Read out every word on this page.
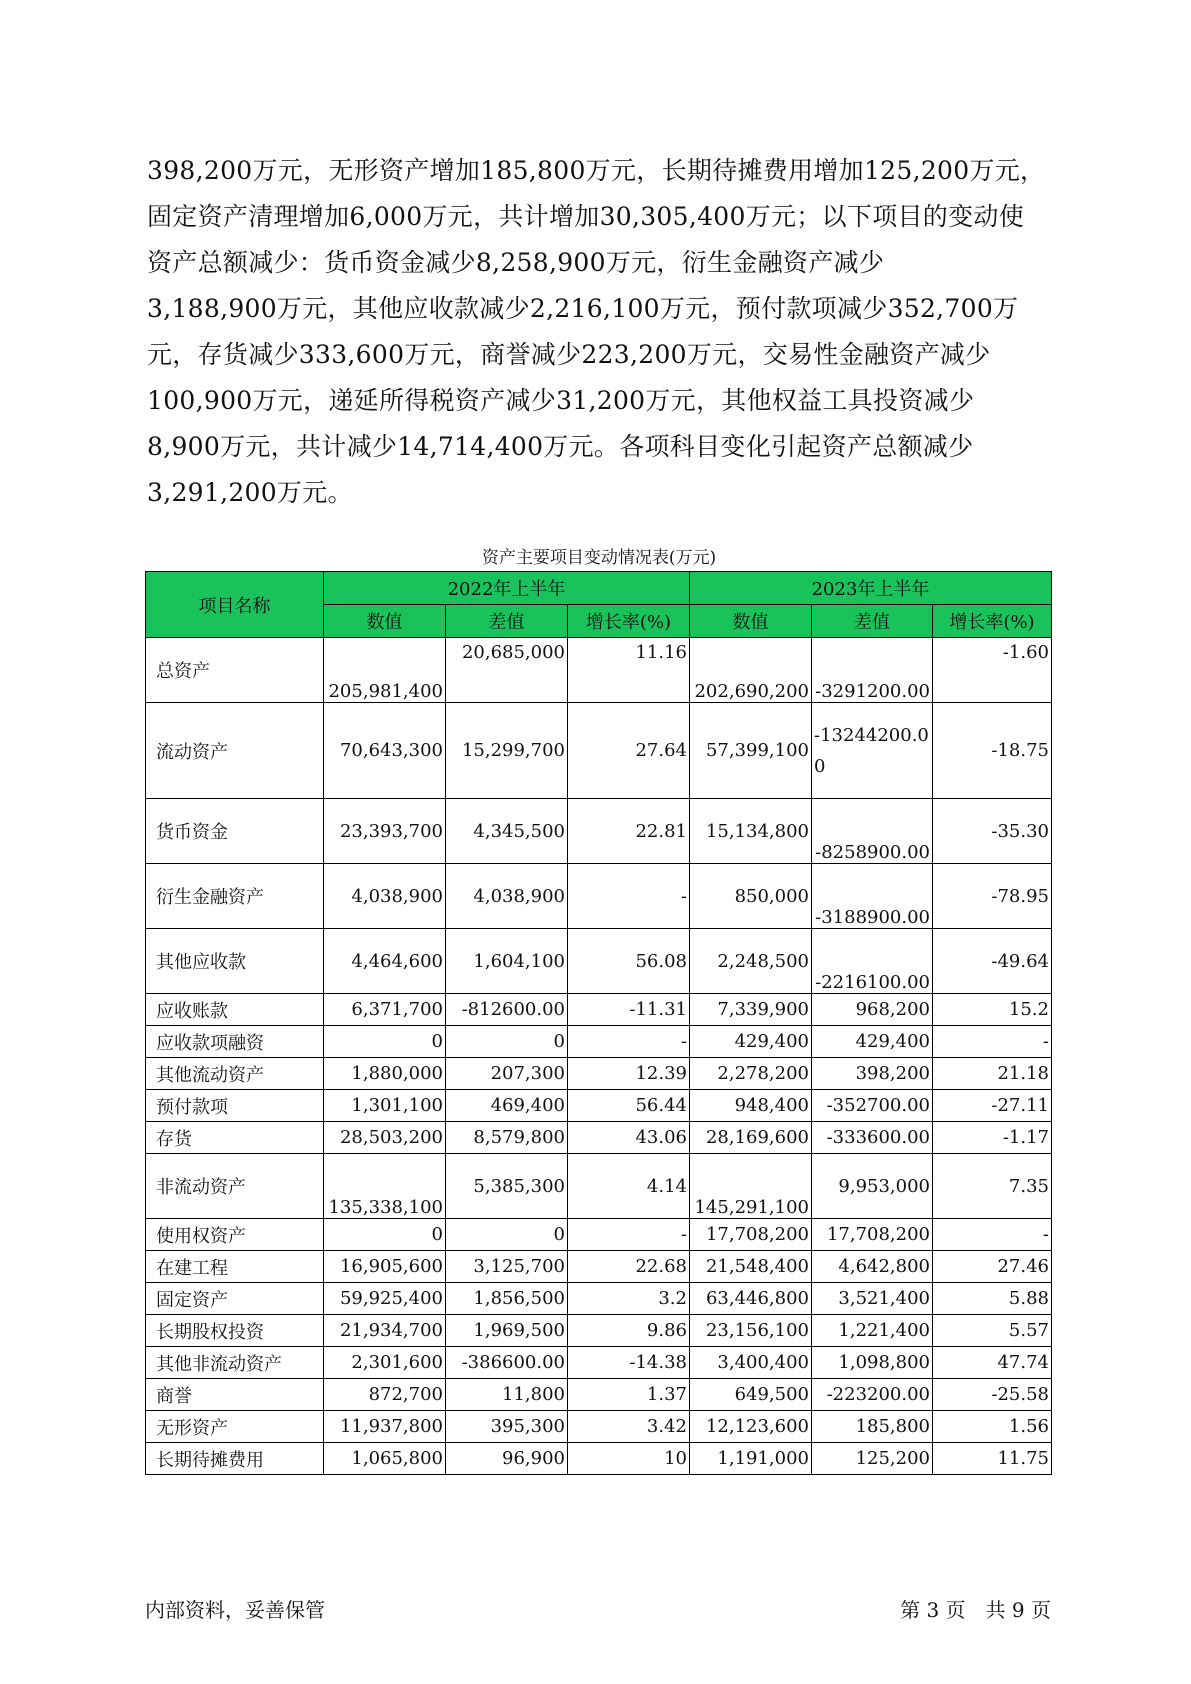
398,200万元，无形资产增加185,800万元，长期待摊费用增加125,200万元，
固定资产清理增加6,000万元，共计增加30,305,400万元；以下项目的变动使
资产总额减少：货币资金减少8,258,900万元，衍生金融资产减少
3,188,900万元，其他应收款减少2,216,100万元，预付款项减少352,700万
元，存货减少333,600万元，商誉减少223,200万元，交易性金融资产减少
100,900万元，递延所得税资产减少31,200万元，其他权益工具投资减少
8,900万元，共计减少14,714,400万元。各项科目变化引起资产总额减少
3,291,200万元。
资产主要项目变动情况表(万元)
项目名称	2022年上半年			2023年上半年		
	数值	差值	增长率(%)	数值	差值	增长率(%)
总资产	205,981,400	20,685,000	11.16	202,690,200	-3291200.00	-1.60
流动资产	70,643,300	15,299,700	27.64	57,399,100	-13244200.00	-18.75
货币资金	23,393,700	4,345,500	22.81	15,134,800	-8258900.00	-35.30
衍生金融资产	4,038,900	4,038,900	-	850,000	-3188900.00	-78.95
其他应收款	4,464,600	1,604,100	56.08	2,248,500	-2216100.00	-49.64
应收账款	6,371,700	-812600.00	-11.31	7,339,900	968,200	15.2
应收款项融资	0	0	-	429,400	429,400	-
其他流动资产	1,880,000	207,300	12.39	2,278,200	398,200	21.18
预付款项	1,301,100	469,400	56.44	948,400	-352700.00	-27.11
存货	28,503,200	8,579,800	43.06	28,169,600	-333600.00	-1.17
非流动资产	135,338,100	5,385,300	4.14	145,291,100	9,953,000	7.35
使用权资产	0	0	-	17,708,200	17,708,200	-
在建工程	16,905,600	3,125,700	22.68	21,548,400	4,642,800	27.46
固定资产	59,925,400	1,856,500	3.2	63,446,800	3,521,400	5.88
长期股权投资	21,934,700	1,969,500	9.86	23,156,100	1,221,400	5.57
其他非流动资产	2,301,600	-386600.00	-14.38	3,400,400	1,098,800	47.74
商誉	872,700	11,800	1.37	649,500	-223200.00	-25.58
无形资产	11,937,800	395,300	3.42	12,123,600	185,800	1.56
长期待摊费用	1,065,800	96,900	10	1,191,000	125,200	11.75
内部资料，妥善保管	第 3 页　共 9 页
